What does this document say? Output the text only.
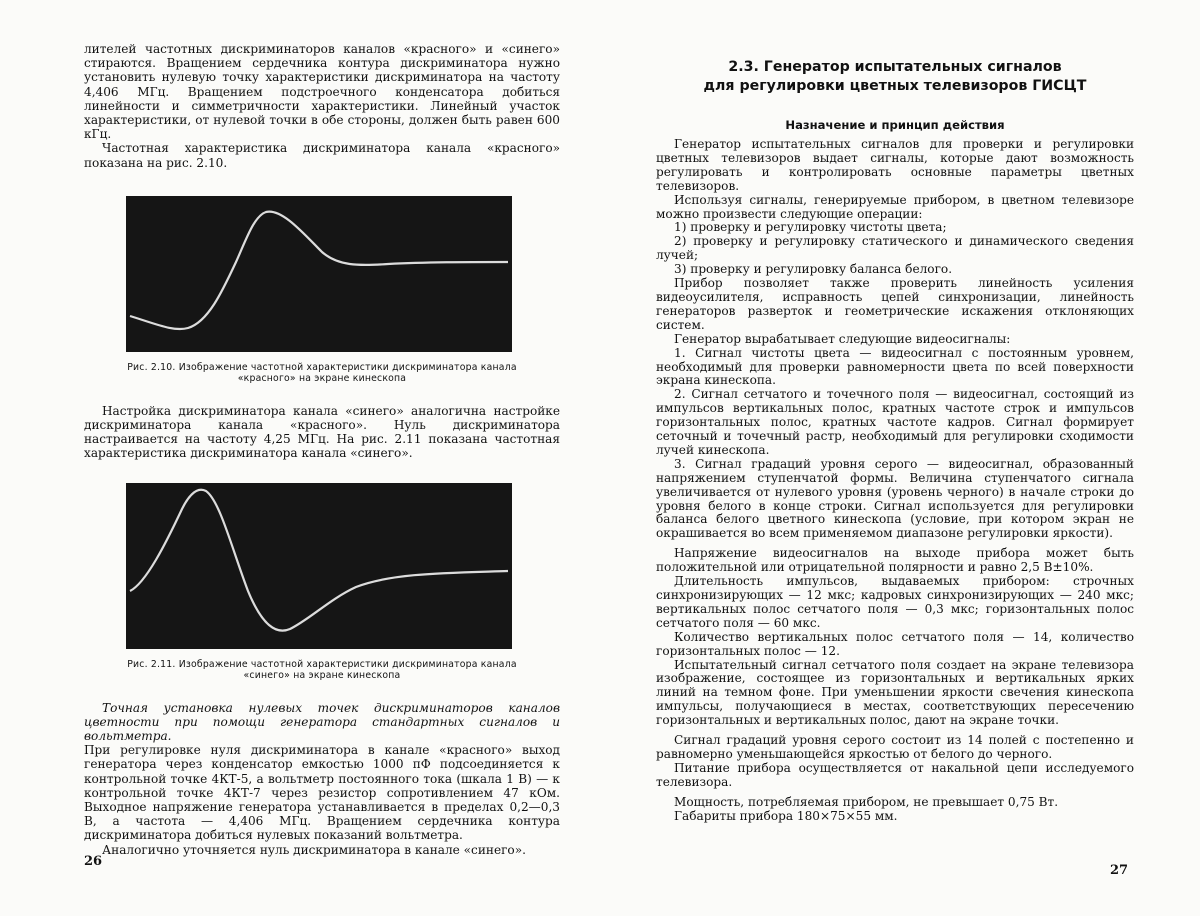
лителей частотных дискриминаторов каналов «красного» и «синего» стираются. Вращением сердечника контура дискриминатора нужно установить нулевую точку характеристики дискриминатора на частоту 4,406 МГц. Вращением подстроечного конденсатора добиться линейности и симметричности характеристики. Линейный участок характеристики, от нулевой точки в обе стороны, должен быть равен 600 кГц.

Частотная характеристика дискриминатора канала «красного» показана на рис. 2.10.

Рис. 2.10. Изображение частотной характеристики дискриминатора канала «красного» на экране кинескопа

Настройка дискриминатора канала «синего» аналогична настройке дискриминатора канала «красного». Нуль дискриминатора настраивается на частоту 4,25 МГц. На рис. 2.11 показана частотная характеристика дискриминатора канала «синего».

Рис. 2.11. Изображение частотной характеристики дискриминатора канала «синего» на экране кинескопа

Точная установка нулевых точек дискриминаторов каналов цветности при помощи генератора стандартных сигналов и вольтметра.

При регулировке нуля дискриминатора в канале «красного» выход генератора через конденсатор емкостью 1000 пФ подсоединяется к контрольной точке 4КТ-5, а вольтметр постоянного тока (шкала 1 В) — к контрольной точке 4КТ-7 через резистор сопротивлением 47 кОм. Выходное напряжение генератора устанавливается в пределах 0,2—0,3 В, а частота — 4,406 МГц. Вращением сердечника контура дискриминатора добиться нулевых показаний вольтметра.

Аналогично уточняется нуль дискриминатора в канале «синего».

26
2.3. Генератор испытательных сигналов
для регулировки цветных телевизоров ГИСЦТ
Назначение и принцип действия

Генератор испытательных сигналов для проверки и регулировки цветных телевизоров выдает сигналы, которые дают возможность регулировать и контролировать основные параметры цветных телевизоров.

Используя сигналы, генерируемые прибором, в цветном телевизоре можно произвести следующие операции:

1) проверку и регулировку чистоты цвета;

2) проверку и регулировку статического и динамического сведения лучей;

3) проверку и регулировку баланса белого.

Прибор позволяет также проверить линейность усиления видеоусилителя, исправность цепей синхронизации, линейность генераторов разверток и геометрические искажения отклоняющих систем.

Генератор вырабатывает следующие видеосигналы:

1. Сигнал чистоты цвета — видеосигнал с постоянным уровнем, необходимый для проверки равномерности цвета по всей поверхности экрана кинескопа.

2. Сигнал сетчатого и точечного поля — видеосигнал, состоящий из импульсов вертикальных полос, кратных частоте строк и импульсов горизонтальных полос, кратных частоте кадров. Сигнал формирует сеточный и точечный растр, необходимый для регулировки сходимости лучей кинескопа.

3. Сигнал градаций уровня серого — видеосигнал, образованный напряжением ступенчатой формы. Величина ступенчатого сигнала увеличивается от нулевого уровня (уровень черного) в начале строки до уровня белого в конце строки. Сигнал используется для регулировки баланса белого цветного кинескопа (условие, при котором экран не окрашивается во всем применяемом диапазоне регулировки яркости).

Напряжение видеосигналов на выходе прибора может быть положительной или отрицательной полярности и равно 2,5 В±10%.

Длительность импульсов, выдаваемых прибором: строчных синхронизирующих — 12 мкс; кадровых синхронизирующих — 240 мкс; вертикальных полос сетчатого поля — 0,3 мкс; горизонтальных полос сетчатого поля — 60 мкс.

Количество вертикальных полос сетчатого поля — 14, количество горизонтальных полос — 12.

Испытательный сигнал сетчатого поля создает на экране телевизора изображение, состоящее из горизонтальных и вертикальных ярких линий на темном фоне. При уменьшении яркости свечения кинескопа импульсы, получающиеся в местах, соответствующих пересечению горизонтальных и вертикальных полос, дают на экране точки.

Сигнал градаций уровня серого состоит из 14 полей с постепенно и равномерно уменьшающейся яркостью от белого до черного.

Питание прибора осуществляется от накальной цепи исследуемого телевизора.

Мощность, потребляемая прибором, не превышает 0,75 Вт.

Габариты прибора 180×75×55 мм.

27
